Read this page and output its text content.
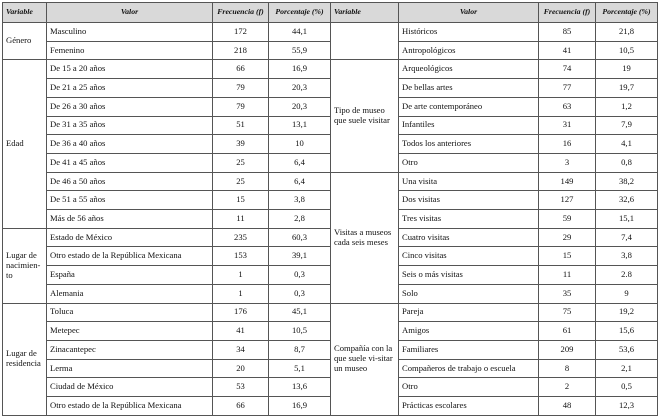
Variable	Valor	Frecuencia (f)	Porcentaje (%)	Variable	Valor	Frecuencia (f)	Porcentaje (%)
Género	Masculino	172	44,1		Históricos	85	21,8
	Femenino	218	55,9		Antropológicos	41	10,5
Edad	De 15 a 20 años	66	16,9	Tipo de museo que suele visitar	Arqueológicos	74	19
	De 21 a 25 años	79	20,3		De bellas artes	77	19,7
	De 26 a 30 años	79	20,3		De arte contemporáneo	63	1,2
	De 31 a 35 años	51	13,1		Infantiles	31	7,9
	De 36 a 40 años	39	10		Todos los anteriores	16	4,1
	De 41 a 45 años	25	6,4		Otro	3	0,8
	De 46 a 50 años	25	6,4	Visitas a museos cada seis meses	Una visita	149	38,2
	De 51 a 55 años	15	3,8		Dos visitas	127	32,6
	Más de 56 años	11	2,8		Tres visitas	59	15,1
Lugar de nacimien-to	Estado de México	235	60,3		Cuatro visitas	29	7,4
	Otro estado de la República Mexicana	153	39,1		Cinco visitas	15	3,8
	España	1	0,3		Seis o más visitas	11	2.8
	Alemania	1	0,3		Solo	35	9
Lugar de residencia	Toluca	176	45,1	Compañía con la que suele vi-sitar un museo	Pareja	75	19,2
	Metepec	41	10,5		Amigos	61	15,6
	Zinacantepec	34	8,7		Familiares	209	53,6
	Lerma	20	5,1		Compañeros de trabajo o escuela	8	2,1
	Ciudad de México	53	13,6		Otro	2	0,5
	Otro estado de la República Mexicana	66	16,9		Prácticas escolares	48	12,3
